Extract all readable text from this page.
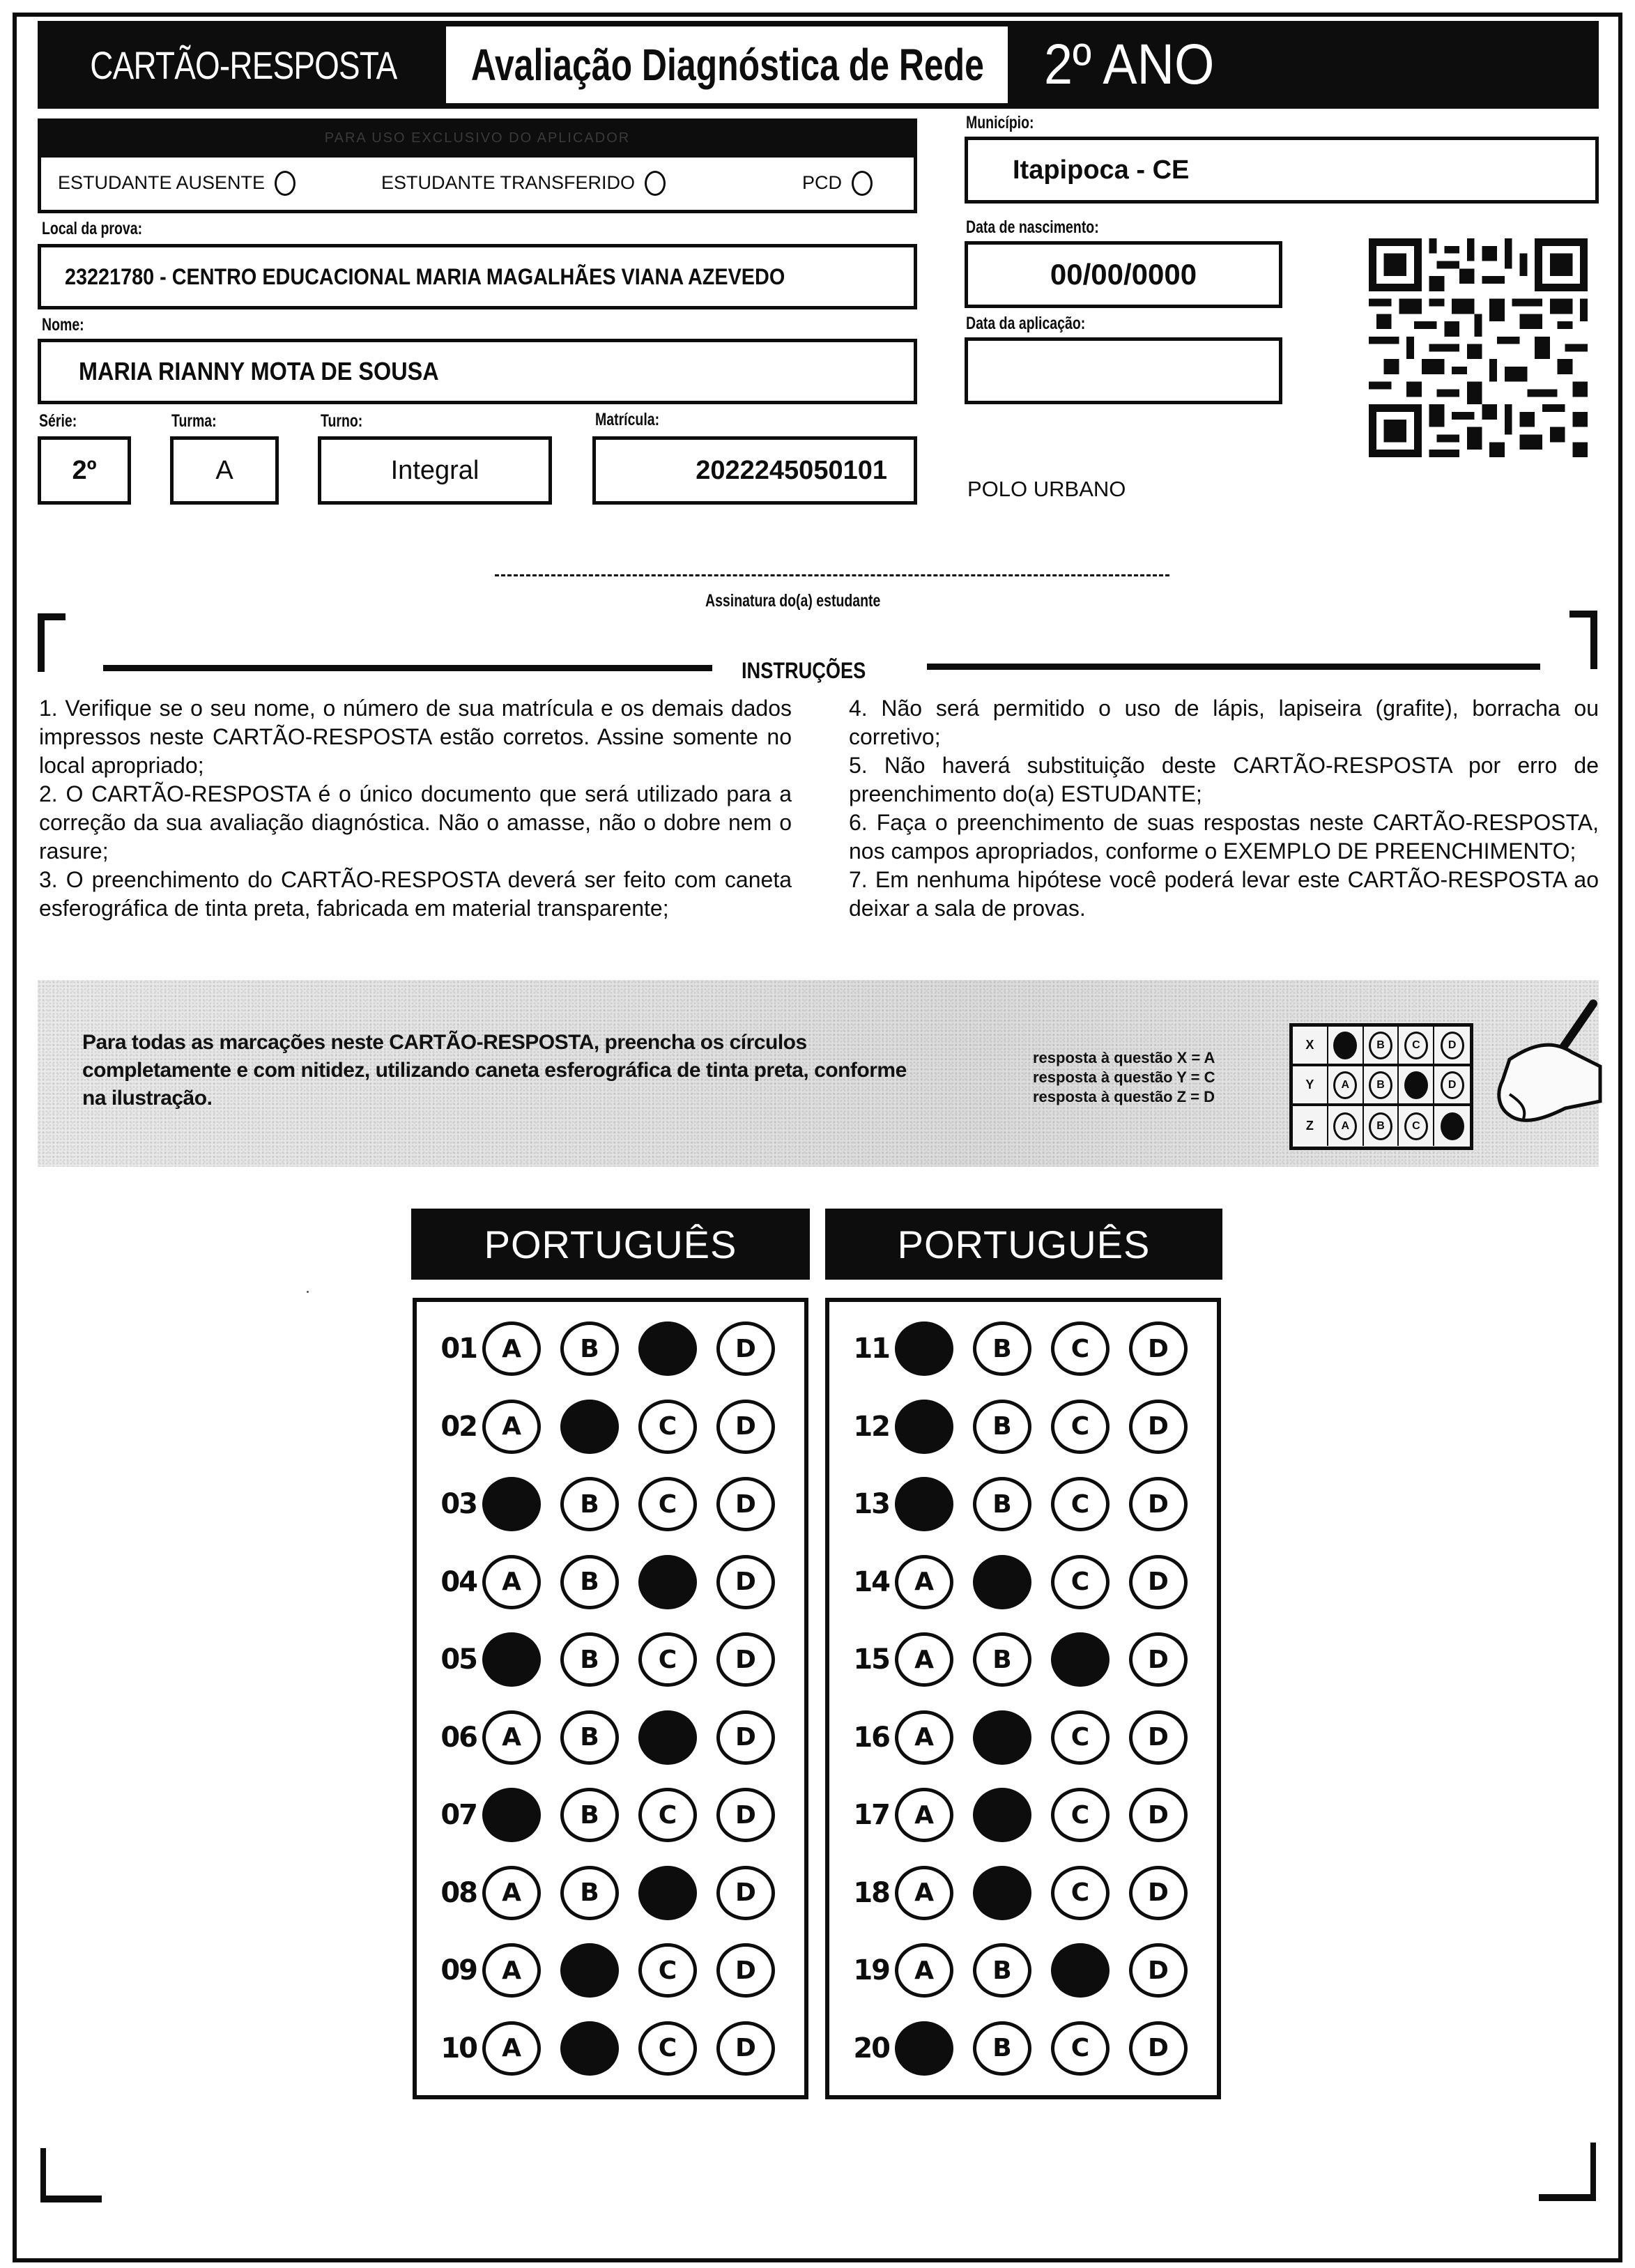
CARTÃO-RESPOSTA Avaliação Diagnóstica de Rede 2º ANO
PARA USO EXCLUSIVO DO APLICADOR
ESTUDANTE AUSENTE	ESTUDANTE TRANSFERIDO	PCD
Local da prova:
23221780 - CENTRO EDUCACIONAL MARIA MAGALHÃES VIANA AZEVEDO
Nome:
MARIA RIANNY MOTA DE SOUSA
Série:	Turma:	Turno:	Matrícula:
2º	A	Integral	2022245050101
Município:
Itapipoca - CE
Data de nascimento:
00/00/0000
Data da aplicação:
POLO URBANO
Assinatura do(a) estudante
INSTRUÇÕES

1. Verifique se o seu nome, o número de sua matrícula e os demais dados impressos neste CARTÃO-RESPOSTA estão corretos. Assine somente no local apropriado;

2. O CARTÃO-RESPOSTA é o único documento que será utilizado para a correção da sua avaliação diagnóstica. Não o amasse, não o dobre nem o rasure;

3. O preenchimento do CARTÃO-RESPOSTA deverá ser feito com caneta esferográfica de tinta preta, fabricada em material transparente;

4. Não será permitido o uso de lápis, lapiseira (grafite), borracha ou corretivo;

5. Não haverá substituição deste CARTÃO-RESPOSTA por erro de preenchimento do(a) ESTUDANTE;

6. Faça o preenchimento de suas respostas neste CARTÃO-RESPOSTA, nos campos apropriados, conforme o EXEMPLO DE PREENCHIMENTO;

7. Em nenhuma hipótese você poderá levar este CARTÃO-RESPOSTA ao deixar a sala de provas.

Para todas as marcações neste CARTÃO-RESPOSTA, preencha os círculos completamente e com nitidez, utilizando caneta esferográfica de tinta preta, conforme na ilustração.
resposta à questão X = A
resposta à questão Y = C
resposta à questão Z = D
X	A	B	C	D
Y	A	B	C	D
Z	A	B	C	D
PORTUGUÊS	PORTUGUÊS
01	A	B	C	D
02	A	B	C	D
03	A	B	C	D
04	A	B	C	D
05	A	B	C	D
06	A	B	C	D
07	A	B	C	D
08	A	B	C	D
09	A	B	C	D
10	A	B	C	D
11	A	B	C	D
12	A	B	C	D
13	A	B	C	D
14	A	B	C	D
15	A	B	C	D
16	A	B	C	D
17	A	B	C	D
18	A	B	C	D
19	A	B	C	D
20	A	B	C	D
